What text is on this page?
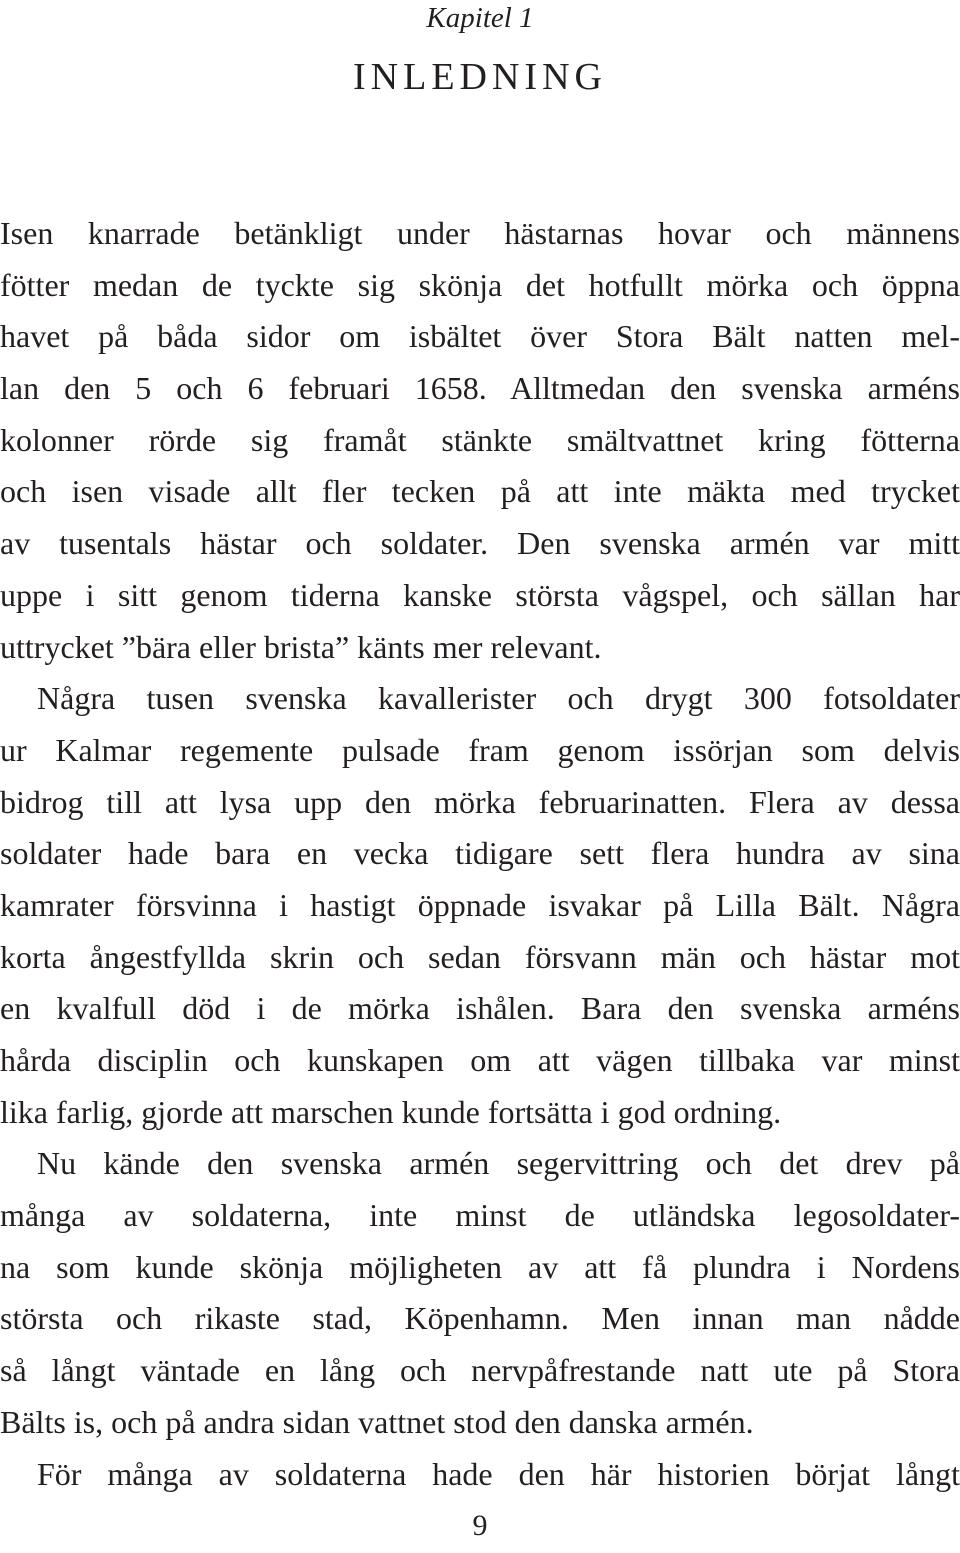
Kapitel 1

INLEDNING
Isen knarrade betänkligt under hästarnas hovar och männens
fötter medan de tyckte sig skönja det hotfullt mörka och öppna
havet på båda sidor om isbältet över Stora Bält natten mel-
lan den 5 och 6 februari 1658. Alltmedan den svenska arméns
kolonner rörde sig framåt stänkte smältvattnet kring fötterna
och isen visade allt fler tecken på att inte mäkta med trycket
av tusentals hästar och soldater. Den svenska armén var mitt
uppe i sitt genom tiderna kanske största vågspel, och sällan har
uttrycket ”bära eller brista” känts mer relevant.
Några tusen svenska kavallerister och drygt 300 fotsoldater
ur Kalmar regemente pulsade fram genom issörjan som delvis
bidrog till att lysa upp den mörka februarinatten. Flera av dessa
soldater hade bara en vecka tidigare sett flera hundra av sina
kamrater försvinna i hastigt öppnade isvakar på Lilla Bält. Några
korta ångestfyllda skrin och sedan försvann män och hästar mot
en kvalfull död i de mörka ishålen. Bara den svenska arméns
hårda disciplin och kunskapen om att vägen tillbaka var minst
lika farlig, gjorde att marschen kunde fortsätta i god ordning.
Nu kände den svenska armén segervittring och det drev på
många av soldaterna, inte minst de utländska legosoldater-
na som kunde skönja möjligheten av att få plundra i Nordens
största och rikaste stad, Köpenhamn. Men innan man nådde
så långt väntade en lång och nervpåfrestande natt ute på Stora
Bälts is, och på andra sidan vattnet stod den danska armén.
För många av soldaterna hade den här historien börjat långt

9
